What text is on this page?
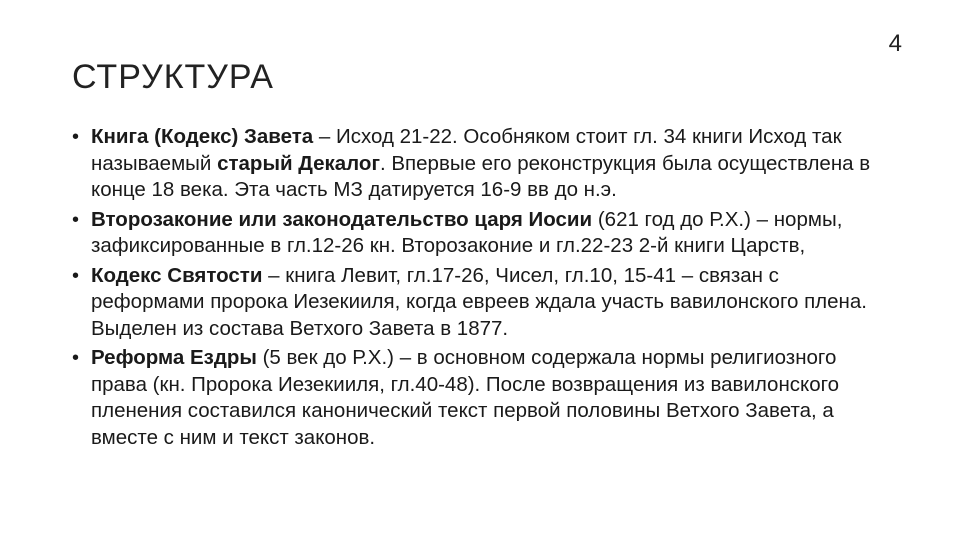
4
СТРУКТУРА
• Книга (Кодекс) Завета – Исход 21-22. Особняком стоит гл. 34 книги Исход так называемый старый Декалог. Впервые его реконструкция была осуществлена в конце 18 века. Эта часть МЗ датируется 16-9 вв до н.э.
• Второзаконие или законодательство царя Иосии (621 год до Р.Х.) – нормы, зафиксированные в гл.12-26 кн. Второзаконие и гл.22-23 2-й книги Царств,
• Кодекс Святости – книга Левит, гл.17-26, Чисел, гл.10, 15-41 – связан с реформами пророка Иезекииля, когда евреев ждала участь вавилонского плена. Выделен из состава Ветхого Завета в 1877.
• Реформа Ездры (5 век до Р.Х.) – в основном содержала нормы религиозного права (кн. Пророка Иезекииля, гл.40-48). После возвращения из вавилонского пленения составился канонический текст первой половины Ветхого Завета, а вместе с ним и текст законов.
